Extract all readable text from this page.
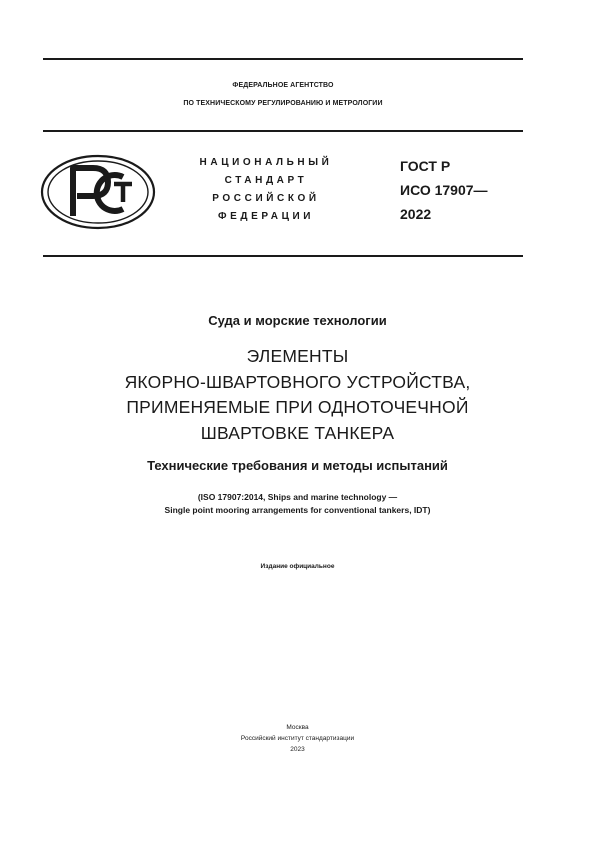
ФЕДЕРАЛЬНОЕ АГЕНТСТВО
ПО ТЕХНИЧЕСКОМУ РЕГУЛИРОВАНИЮ И МЕТРОЛОГИИ
НАЦИОНАЛЬНЫЙ
СТАНДАРТ
РОССИЙСКОЙ
ФЕДЕРАЦИИ
ГОСТ Р
ИСО 17907—
2022
Суда и морские технологии
ЭЛЕМЕНТЫ
ЯКОРНО-ШВАРТОВНОГО УСТРОЙСТВА,
ПРИМЕНЯЕМЫЕ ПРИ ОДНОТОЧЕЧНОЙ
ШВАРТОВКЕ ТАНКЕРА
Технические требования и методы испытаний
(ISO 17907:2014, Ships and marine technology —
Single point mooring arrangements for conventional tankers, IDT)
Издание официальное
Москва
Российский институт стандартизации
2023
